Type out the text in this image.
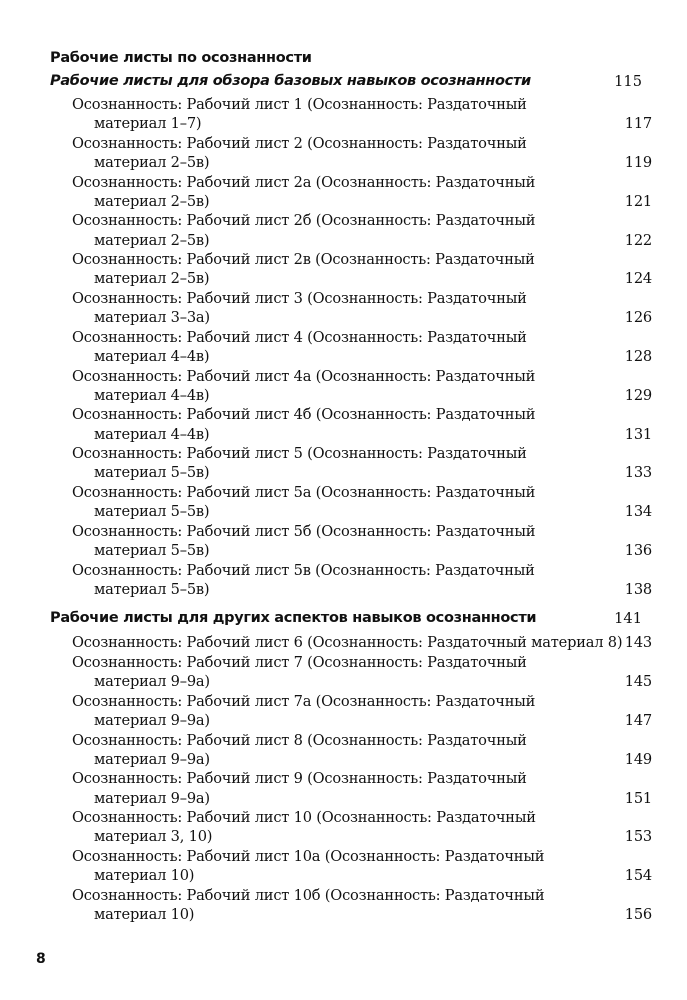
Рабочие листы по осознанности
Рабочие листы для обзора базовых навыков осознанности	115
Осознанность: Рабочий лист 1 (Осознанность: Раздаточный
материал 1–7)	117
Осознанность: Рабочий лист 2 (Осознанность: Раздаточный
материал 2–5в)	119
Осознанность: Рабочий лист 2а (Осознанность: Раздаточный
материал 2–5в)	121
Осознанность: Рабочий лист 2б (Осознанность: Раздаточный
материал 2–5в)	122
Осознанность: Рабочий лист 2в (Осознанность: Раздаточный
материал 2–5в)	124
Осознанность: Рабочий лист 3 (Осознанность: Раздаточный
материал 3–3а)	126
Осознанность: Рабочий лист 4 (Осознанность: Раздаточный
материал 4–4в)	128
Осознанность: Рабочий лист 4а (Осознанность: Раздаточный
материал 4–4в)	129
Осознанность: Рабочий лист 4б (Осознанность: Раздаточный
материал 4–4в)	131
Осознанность: Рабочий лист 5 (Осознанность: Раздаточный
материал 5–5в)	133
Осознанность: Рабочий лист 5а (Осознанность: Раздаточный
материал 5–5в)	134
Осознанность: Рабочий лист 5б (Осознанность: Раздаточный
материал 5–5в)	136
Осознанность: Рабочий лист 5в (Осознанность: Раздаточный
материал 5–5в)	138
Рабочие листы для других аспектов навыков осознанности	141
Осознанность: Рабочий лист 6 (Осознанность: Раздаточный материал 8) 143
Осознанность: Рабочий лист 7 (Осознанность: Раздаточный
материал 9–9а)	145
Осознанность: Рабочий лист 7а (Осознанность: Раздаточный
материал 9–9а)	147
Осознанность: Рабочий лист 8 (Осознанность: Раздаточный
материал 9–9а)	149
Осознанность: Рабочий лист 9 (Осознанность: Раздаточный
материал 9–9а)	151
Осознанность: Рабочий лист 10 (Осознанность: Раздаточный
материал 3, 10)	153
Осознанность: Рабочий лист 10а (Осознанность: Раздаточный
материал 10)	154
Осознанность: Рабочий лист 10б (Осознанность: Раздаточный
материал 10)	156
8
